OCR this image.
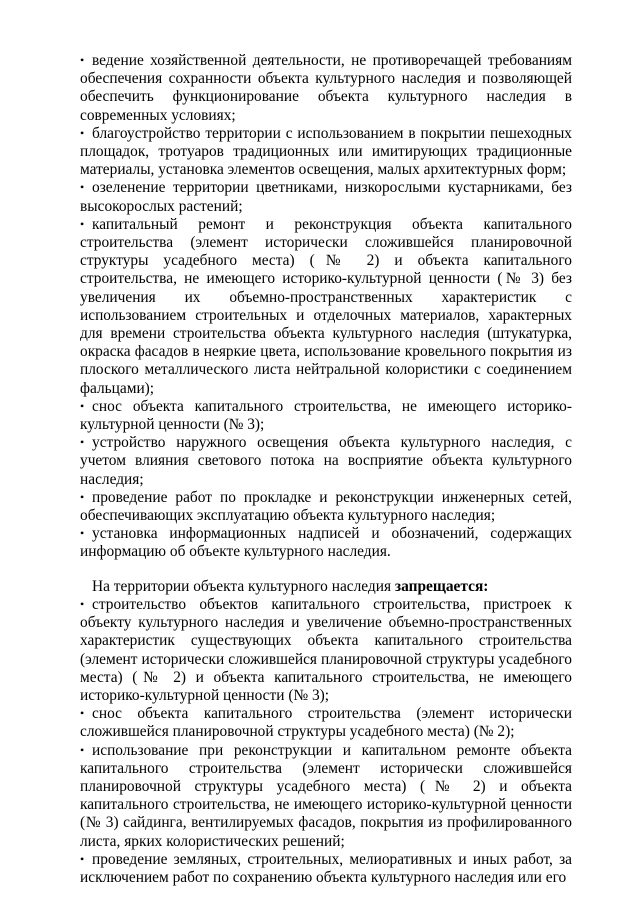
• ведение хозяйственной деятельности, не противоречащей требованиям обеспечения сохранности объекта культурного наследия и позволяющей обеспечить функционирование объекта культурного наследия в современных условиях;

• благоустройство территории с использованием в покрытии пешеходных площадок, тротуаров традиционных или имитирующих традиционные материалы, установка элементов освещения, малых архитектурных форм;

• озеленение территории цветниками, низкорослыми кустарниками, без высокорослых растений;

• капитальный ремонт и реконструкция объекта капитального строительства (элемент исторически сложившейся планировочной структуры усадебного места) (№ 2) и объекта капитального строительства, не имеющего историко-культурной ценности (№ 3) без увеличения их объемно-пространственных характеристик с использованием строительных и отделочных материалов, характерных для времени строительства объекта культурного наследия (штукатурка, окраска фасадов в неяркие цвета, использование кровельного покрытия из плоского металлического листа нейтральной колористики с соединением фальцами);

• снос объекта капитального строительства, не имеющего историко-культурной ценности (№ 3);

• устройство наружного освещения объекта культурного наследия, с учетом влияния светового потока на восприятие объекта культурного наследия;

• проведение работ по прокладке и реконструкции инженерных сетей, обеспечивающих эксплуатацию объекта культурного наследия;

• установка информационных надписей и обозначений, содержащих информацию об объекте культурного наследия.

На территории объекта культурного наследия запрещается:

• строительство объектов капитального строительства, пристроек к объекту культурного наследия и увеличение объемно-пространственных характеристик существующих объекта капитального строительства (элемент исторически сложившейся планировочной структуры усадебного места) (№ 2) и объекта капитального строительства, не имеющего историко-культурной ценности (№ 3);

• снос объекта капитального строительства (элемент исторически сложившейся планировочной структуры усадебного места) (№ 2);

• использование при реконструкции и капитальном ремонте объекта капитального строительства (элемент исторически сложившейся планировочной структуры усадебного места) (№ 2) и объекта капитального строительства, не имеющего историко-культурной ценности (№ 3) сайдинга, вентилируемых фасадов, покрытия из профилированного листа, ярких колористических решений;

• проведение земляных, строительных, мелиоративных и иных работ, за исключением работ по сохранению объекта культурного наследия или его
